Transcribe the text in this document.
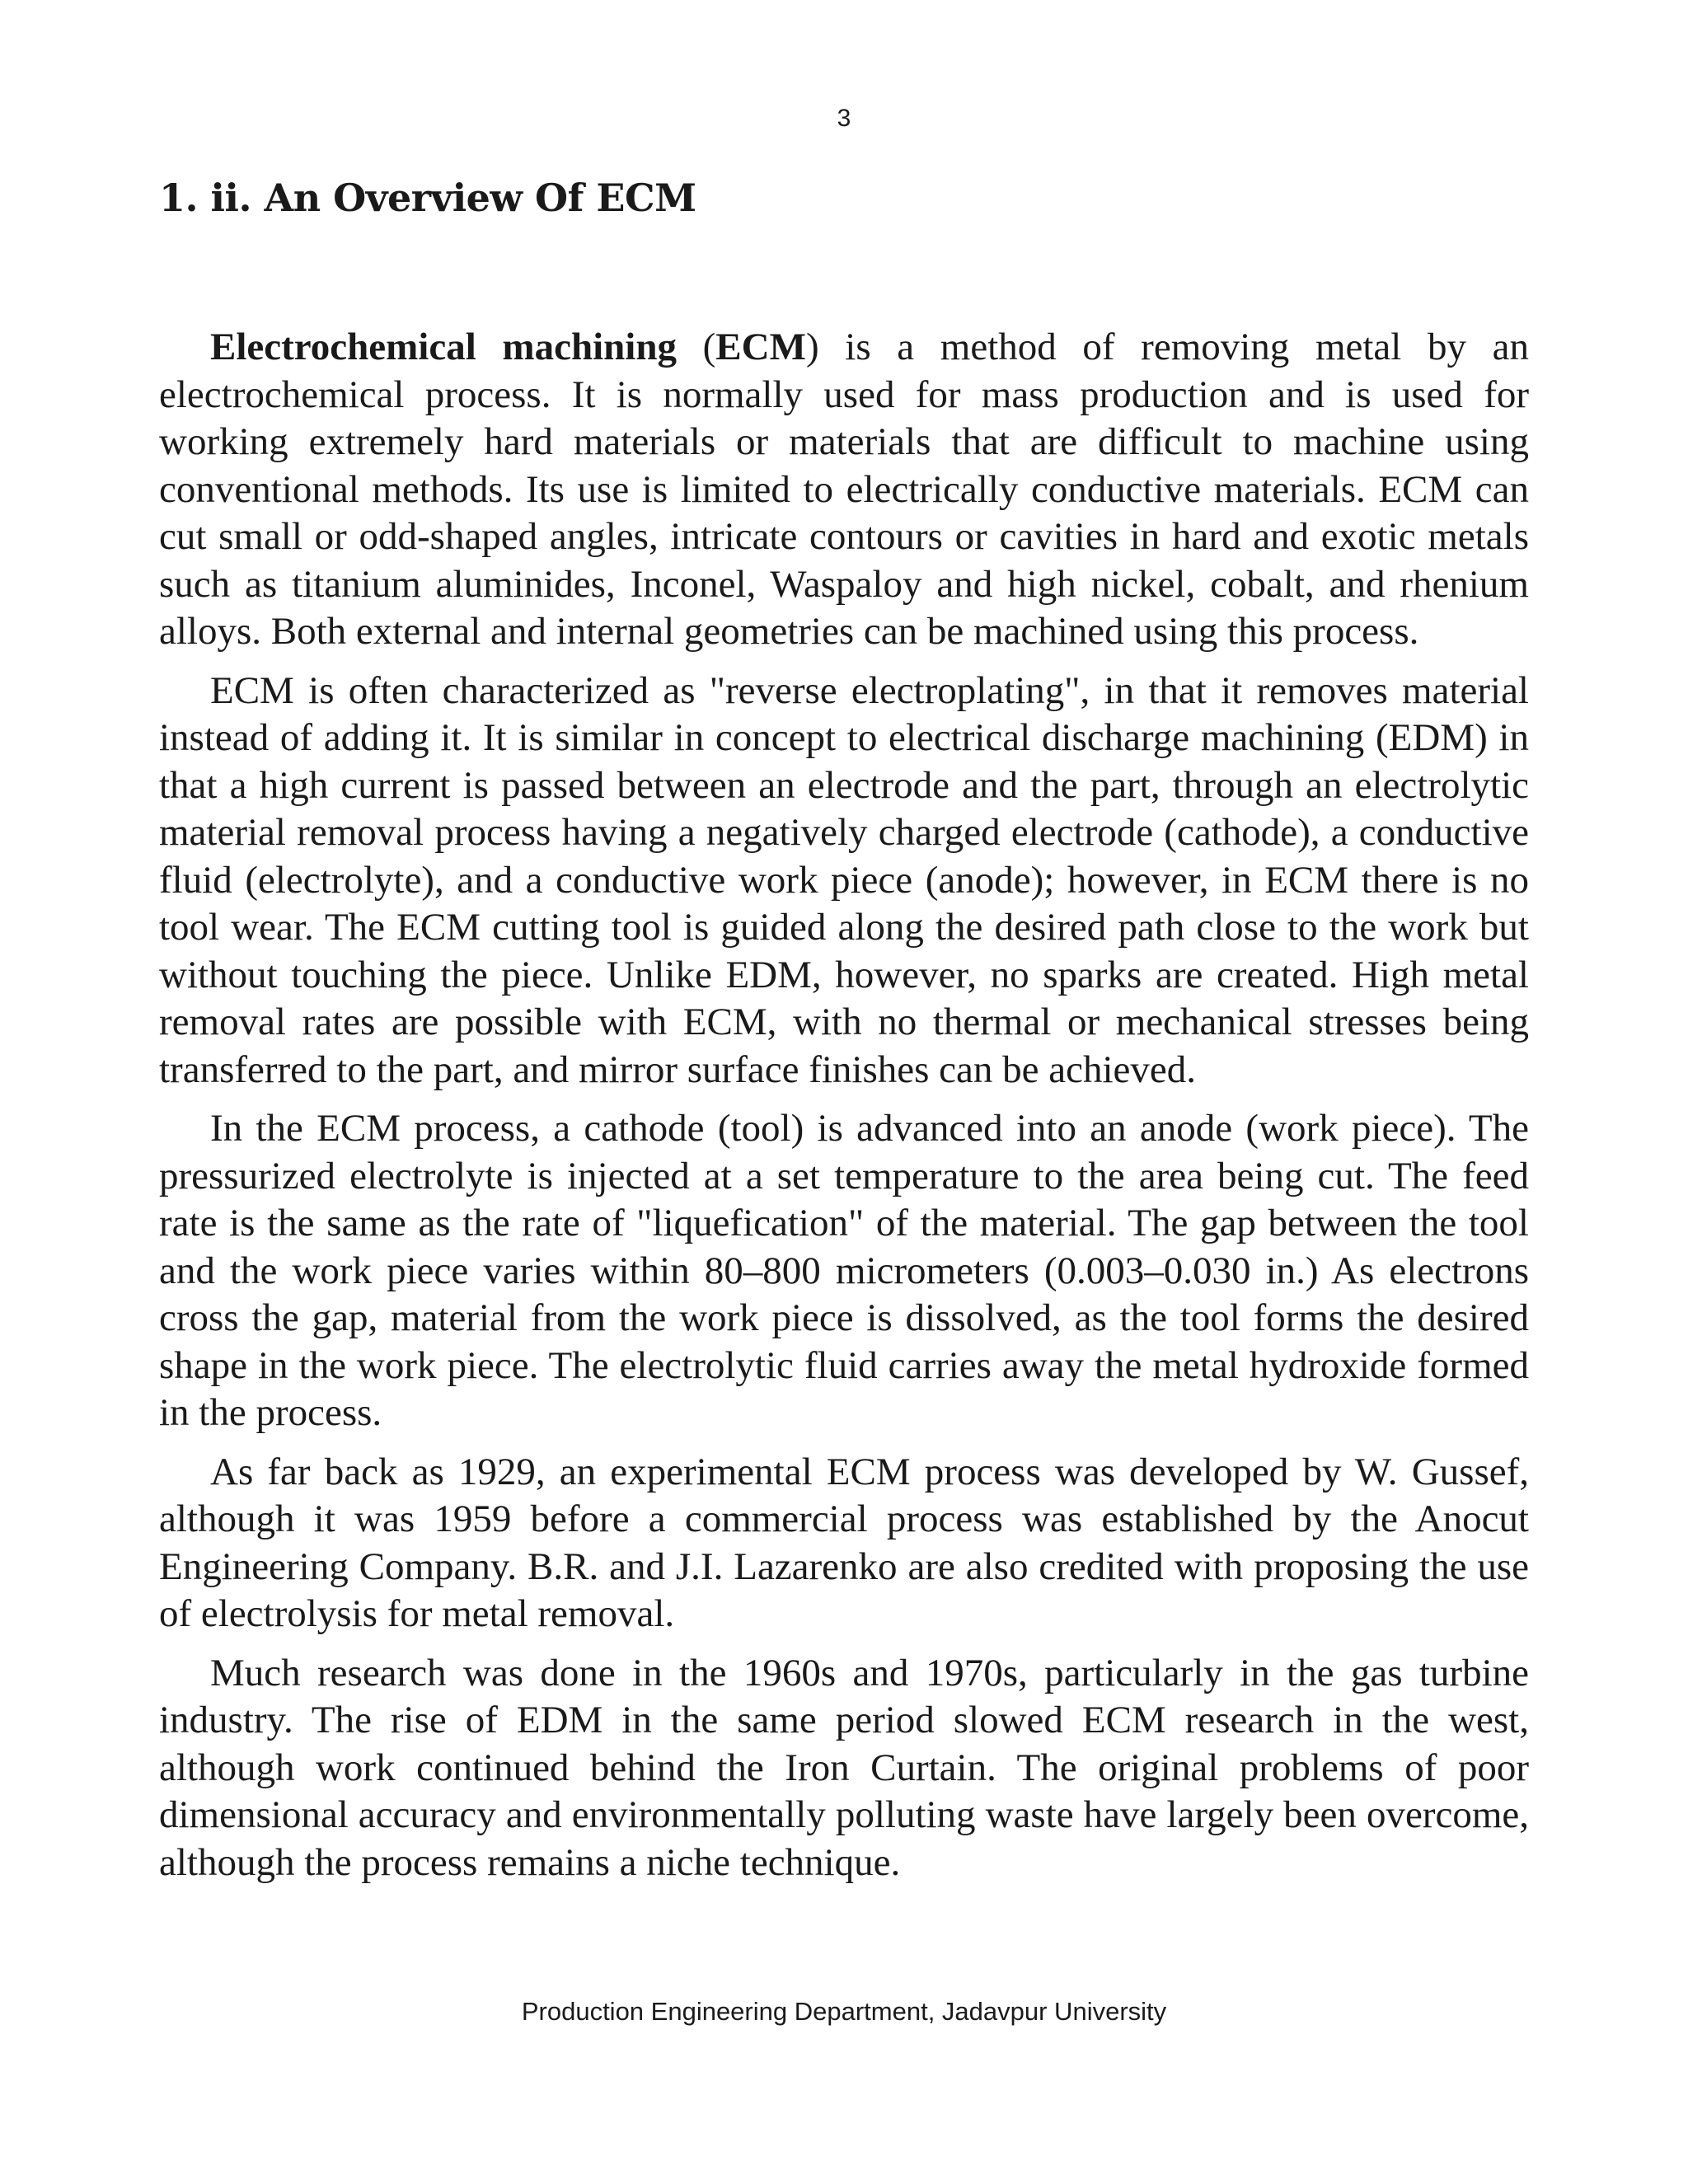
3
1. ii. An Overview Of ECM

Electrochemical machining (ECM) is a method of removing metal by an electrochemical process. It is normally used for mass production and is used for working extremely hard materials or materials that are difficult to machine using conventional methods. Its use is limited to electrically conductive materials. ECM can cut small or odd-shaped angles, intricate contours or cavities in hard and exotic metals such as titanium aluminides, Inconel, Waspaloy and high nickel, cobalt, and rhenium alloys. Both external and internal geometries can be machined using this process.

ECM is often characterized as "reverse electroplating", in that it removes material instead of adding it. It is similar in concept to electrical discharge machining (EDM) in that a high current is passed between an electrode and the part, through an electrolytic material removal process having a negatively charged electrode (cathode), a conductive fluid (electrolyte), and a conductive work piece (anode); however, in ECM there is no tool wear. The ECM cutting tool is guided along the desired path close to the work but without touching the piece. Unlike EDM, however, no sparks are created. High metal removal rates are possible with ECM, with no thermal or mechanical stresses being transferred to the part, and mirror surface finishes can be achieved.

In the ECM process, a cathode (tool) is advanced into an anode (work piece). The pressurized electrolyte is injected at a set temperature to the area being cut. The feed rate is the same as the rate of "liquefication" of the material. The gap between the tool and the work piece varies within 80–800 micrometers (0.003–0.030 in.) As electrons cross the gap, material from the work piece is dissolved, as the tool forms the desired shape in the work piece. The electrolytic fluid carries away the metal hydroxide formed in the process.

As far back as 1929, an experimental ECM process was developed by W. Gussef, although it was 1959 before a commercial process was established by the Anocut Engineering Company. B.R. and J.I. Lazarenko are also credited with proposing the use of electrolysis for metal removal.

Much research was done in the 1960s and 1970s, particularly in the gas turbine industry. The rise of EDM in the same period slowed ECM research in the west, although work continued behind the Iron Curtain. The original problems of poor dimensional accuracy and environmentally polluting waste have largely been overcome, although the process remains a niche technique.

Production Engineering Department, Jadavpur University
